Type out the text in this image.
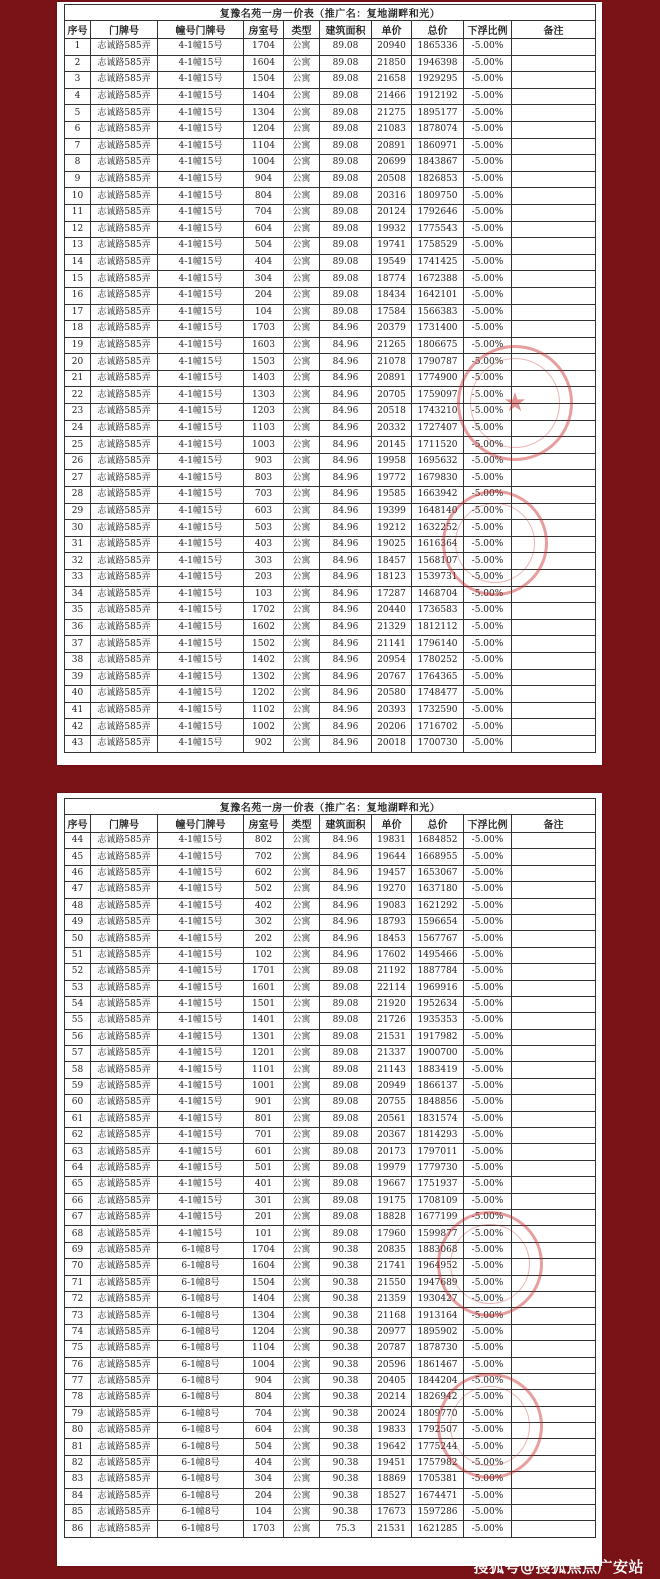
复豫名苑一房一价表（推广名：复地湖畔和光）									
序号	门牌号	幢号门牌号	房室号	类型	建筑面积	单价	总价	下浮比例	备注
1	志诚路585弄	4-1幢15号	1704	公寓	89.08	20940	1865336	-5.00%	
2	志诚路585弄	4-1幢15号	1604	公寓	89.08	21850	1946398	-5.00%	
3	志诚路585弄	4-1幢15号	1504	公寓	89.08	21658	1929295	-5.00%	
4	志诚路585弄	4-1幢15号	1404	公寓	89.08	21466	1912192	-5.00%	
5	志诚路585弄	4-1幢15号	1304	公寓	89.08	21275	1895177	-5.00%	
6	志诚路585弄	4-1幢15号	1204	公寓	89.08	21083	1878074	-5.00%	
7	志诚路585弄	4-1幢15号	1104	公寓	89.08	20891	1860971	-5.00%	
8	志诚路585弄	4-1幢15号	1004	公寓	89.08	20699	1843867	-5.00%	
9	志诚路585弄	4-1幢15号	904	公寓	89.08	20508	1826853	-5.00%	
10	志诚路585弄	4-1幢15号	804	公寓	89.08	20316	1809750	-5.00%	
11	志诚路585弄	4-1幢15号	704	公寓	89.08	20124	1792646	-5.00%	
12	志诚路585弄	4-1幢15号	604	公寓	89.08	19932	1775543	-5.00%	
13	志诚路585弄	4-1幢15号	504	公寓	89.08	19741	1758529	-5.00%	
14	志诚路585弄	4-1幢15号	404	公寓	89.08	19549	1741425	-5.00%	
15	志诚路585弄	4-1幢15号	304	公寓	89.08	18774	1672388	-5.00%	
16	志诚路585弄	4-1幢15号	204	公寓	89.08	18434	1642101	-5.00%	
17	志诚路585弄	4-1幢15号	104	公寓	89.08	17584	1566383	-5.00%	
18	志诚路585弄	4-1幢15号	1703	公寓	84.96	20379	1731400	-5.00%	
19	志诚路585弄	4-1幢15号	1603	公寓	84.96	21265	1806675	-5.00%	
20	志诚路585弄	4-1幢15号	1503	公寓	84.96	21078	1790787	-5.00%	
21	志诚路585弄	4-1幢15号	1403	公寓	84.96	20891	1774900	-5.00%	
22	志诚路585弄	4-1幢15号	1303	公寓	84.96	20705	1759097	-5.00%	
23	志诚路585弄	4-1幢15号	1203	公寓	84.96	20518	1743210	-5.00%	
24	志诚路585弄	4-1幢15号	1103	公寓	84.96	20332	1727407	-5.00%	
25	志诚路585弄	4-1幢15号	1003	公寓	84.96	20145	1711520	-5.00%	
26	志诚路585弄	4-1幢15号	903	公寓	84.96	19958	1695632	-5.00%	
27	志诚路585弄	4-1幢15号	803	公寓	84.96	19772	1679830	-5.00%	
28	志诚路585弄	4-1幢15号	703	公寓	84.96	19585	1663942	-5.00%	
29	志诚路585弄	4-1幢15号	603	公寓	84.96	19399	1648140	-5.00%	
30	志诚路585弄	4-1幢15号	503	公寓	84.96	19212	1632252	-5.00%	
31	志诚路585弄	4-1幢15号	403	公寓	84.96	19025	1616364	-5.00%	
32	志诚路585弄	4-1幢15号	303	公寓	84.96	18457	1568107	-5.00%	
33	志诚路585弄	4-1幢15号	203	公寓	84.96	18123	1539731	-5.00%	
34	志诚路585弄	4-1幢15号	103	公寓	84.96	17287	1468704	-5.00%	
35	志诚路585弄	4-1幢15号	1702	公寓	84.96	20440	1736583	-5.00%	
36	志诚路585弄	4-1幢15号	1602	公寓	84.96	21329	1812112	-5.00%	
37	志诚路585弄	4-1幢15号	1502	公寓	84.96	21141	1796140	-5.00%	
38	志诚路585弄	4-1幢15号	1402	公寓	84.96	20954	1780252	-5.00%	
39	志诚路585弄	4-1幢15号	1302	公寓	84.96	20767	1764365	-5.00%	
40	志诚路585弄	4-1幢15号	1202	公寓	84.96	20580	1748477	-5.00%	
41	志诚路585弄	4-1幢15号	1102	公寓	84.96	20393	1732590	-5.00%	
42	志诚路585弄	4-1幢15号	1002	公寓	84.96	20206	1716702	-5.00%	
43	志诚路585弄	4-1幢15号	902	公寓	84.96	20018	1700730	-5.00%	
★
复豫名苑一房一价表（推广名：复地湖畔和光）									
序号	门牌号	幢号门牌号	房室号	类型	建筑面积	单价	总价	下浮比例	备注
44	志诚路585弄	4-1幢15号	802	公寓	84.96	19831	1684852	-5.00%	
45	志诚路585弄	4-1幢15号	702	公寓	84.96	19644	1668955	-5.00%	
46	志诚路585弄	4-1幢15号	602	公寓	84.96	19457	1653067	-5.00%	
47	志诚路585弄	4-1幢15号	502	公寓	84.96	19270	1637180	-5.00%	
48	志诚路585弄	4-1幢15号	402	公寓	84.96	19083	1621292	-5.00%	
49	志诚路585弄	4-1幢15号	302	公寓	84.96	18793	1596654	-5.00%	
50	志诚路585弄	4-1幢15号	202	公寓	84.96	18453	1567767	-5.00%	
51	志诚路585弄	4-1幢15号	102	公寓	84.96	17602	1495466	-5.00%	
52	志诚路585弄	4-1幢15号	1701	公寓	89.08	21192	1887784	-5.00%	
53	志诚路585弄	4-1幢15号	1601	公寓	89.08	22114	1969916	-5.00%	
54	志诚路585弄	4-1幢15号	1501	公寓	89.08	21920	1952634	-5.00%	
55	志诚路585弄	4-1幢15号	1401	公寓	89.08	21726	1935353	-5.00%	
56	志诚路585弄	4-1幢15号	1301	公寓	89.08	21531	1917982	-5.00%	
57	志诚路585弄	4-1幢15号	1201	公寓	89.08	21337	1900700	-5.00%	
58	志诚路585弄	4-1幢15号	1101	公寓	89.08	21143	1883419	-5.00%	
59	志诚路585弄	4-1幢15号	1001	公寓	89.08	20949	1866137	-5.00%	
60	志诚路585弄	4-1幢15号	901	公寓	89.08	20755	1848856	-5.00%	
61	志诚路585弄	4-1幢15号	801	公寓	89.08	20561	1831574	-5.00%	
62	志诚路585弄	4-1幢15号	701	公寓	89.08	20367	1814293	-5.00%	
63	志诚路585弄	4-1幢15号	601	公寓	89.08	20173	1797011	-5.00%	
64	志诚路585弄	4-1幢15号	501	公寓	89.08	19979	1779730	-5.00%	
65	志诚路585弄	4-1幢15号	401	公寓	89.08	19667	1751937	-5.00%	
66	志诚路585弄	4-1幢15号	301	公寓	89.08	19175	1708109	-5.00%	
67	志诚路585弄	4-1幢15号	201	公寓	89.08	18828	1677199	-5.00%	
68	志诚路585弄	4-1幢15号	101	公寓	89.08	17960	1599877	-5.00%	
69	志诚路585弄	6-1幢8号	1704	公寓	90.38	20835	1883068	-5.00%	
70	志诚路585弄	6-1幢8号	1604	公寓	90.38	21741	1964952	-5.00%	
71	志诚路585弄	6-1幢8号	1504	公寓	90.38	21550	1947689	-5.00%	
72	志诚路585弄	6-1幢8号	1404	公寓	90.38	21359	1930427	-5.00%	
73	志诚路585弄	6-1幢8号	1304	公寓	90.38	21168	1913164	-5.00%	
74	志诚路585弄	6-1幢8号	1204	公寓	90.38	20977	1895902	-5.00%	
75	志诚路585弄	6-1幢8号	1104	公寓	90.38	20787	1878730	-5.00%	
76	志诚路585弄	6-1幢8号	1004	公寓	90.38	20596	1861467	-5.00%	
77	志诚路585弄	6-1幢8号	904	公寓	90.38	20405	1844204	-5.00%	
78	志诚路585弄	6-1幢8号	804	公寓	90.38	20214	1826942	-5.00%	
79	志诚路585弄	6-1幢8号	704	公寓	90.38	20024	1809770	-5.00%	
80	志诚路585弄	6-1幢8号	604	公寓	90.38	19833	1792507	-5.00%	
81	志诚路585弄	6-1幢8号	504	公寓	90.38	19642	1775244	-5.00%	
82	志诚路585弄	6-1幢8号	404	公寓	90.38	19451	1757982	-5.00%	
83	志诚路585弄	6-1幢8号	304	公寓	90.38	18869	1705381	-5.00%	
84	志诚路585弄	6-1幢8号	204	公寓	90.38	18527	1674471	-5.00%	
85	志诚路585弄	6-1幢8号	104	公寓	90.38	17673	1597286	-5.00%	
86	志诚路585弄	6-1幢8号	1703	公寓	75.3	21531	1621285	-5.00%	
搜狐号@搜狐焦点广安站
